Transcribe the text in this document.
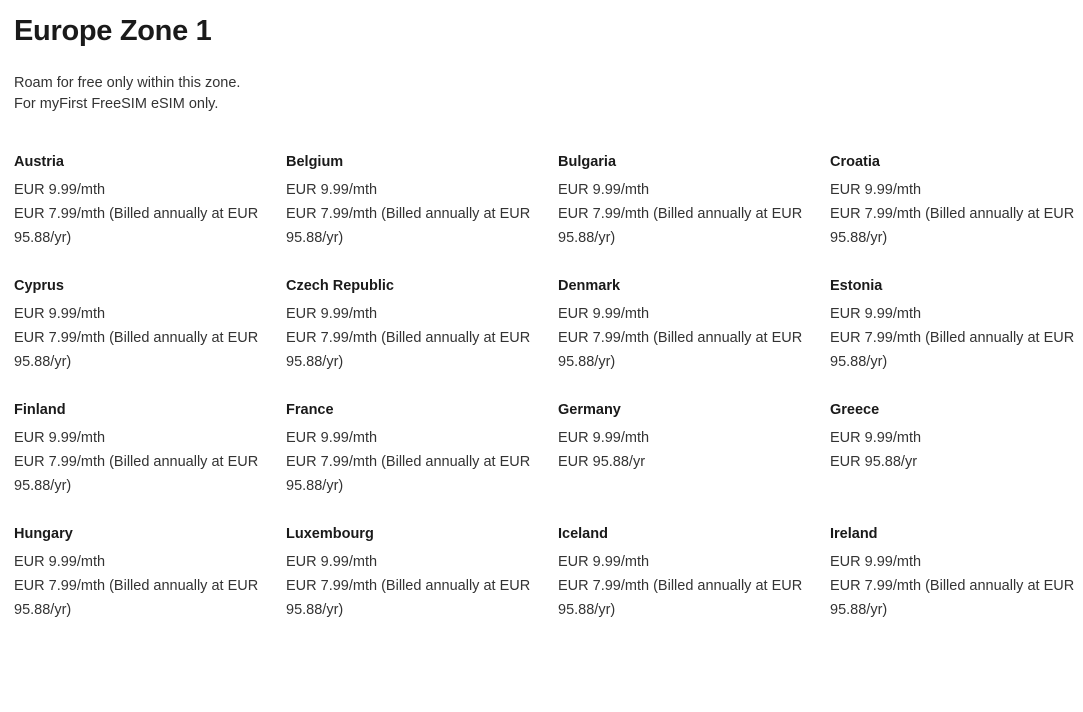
Europe Zone 1
Roam for free only within this zone.
For myFirst FreeSIM eSIM only.
Austria
EUR 9.99/mth
EUR 7.99/mth (Billed annually at EUR 95.88/yr)
Belgium
EUR 9.99/mth
EUR 7.99/mth (Billed annually at EUR 95.88/yr)
Bulgaria
EUR 9.99/mth
EUR 7.99/mth (Billed annually at EUR 95.88/yr)
Croatia
EUR 9.99/mth
EUR 7.99/mth (Billed annually at EUR 95.88/yr)
Cyprus
EUR 9.99/mth
EUR 7.99/mth (Billed annually at EUR 95.88/yr)
Czech Republic
EUR 9.99/mth
EUR 7.99/mth (Billed annually at EUR 95.88/yr)
Denmark
EUR 9.99/mth
EUR 7.99/mth (Billed annually at EUR 95.88/yr)
Estonia
EUR 9.99/mth
EUR 7.99/mth (Billed annually at EUR 95.88/yr)
Finland
EUR 9.99/mth
EUR 7.99/mth (Billed annually at EUR 95.88/yr)
France
EUR 9.99/mth
EUR 7.99/mth (Billed annually at EUR 95.88/yr)
Germany
EUR 9.99/mth
EUR 95.88/yr
Greece
EUR 9.99/mth
EUR 95.88/yr
Hungary
EUR 9.99/mth
EUR 7.99/mth (Billed annually at EUR 95.88/yr)
Luxembourg
EUR 9.99/mth
EUR 7.99/mth (Billed annually at EUR 95.88/yr)
Iceland
EUR 9.99/mth
EUR 7.99/mth (Billed annually at EUR 95.88/yr)
Ireland
EUR 9.99/mth
EUR 7.99/mth (Billed annually at EUR 95.88/yr)
